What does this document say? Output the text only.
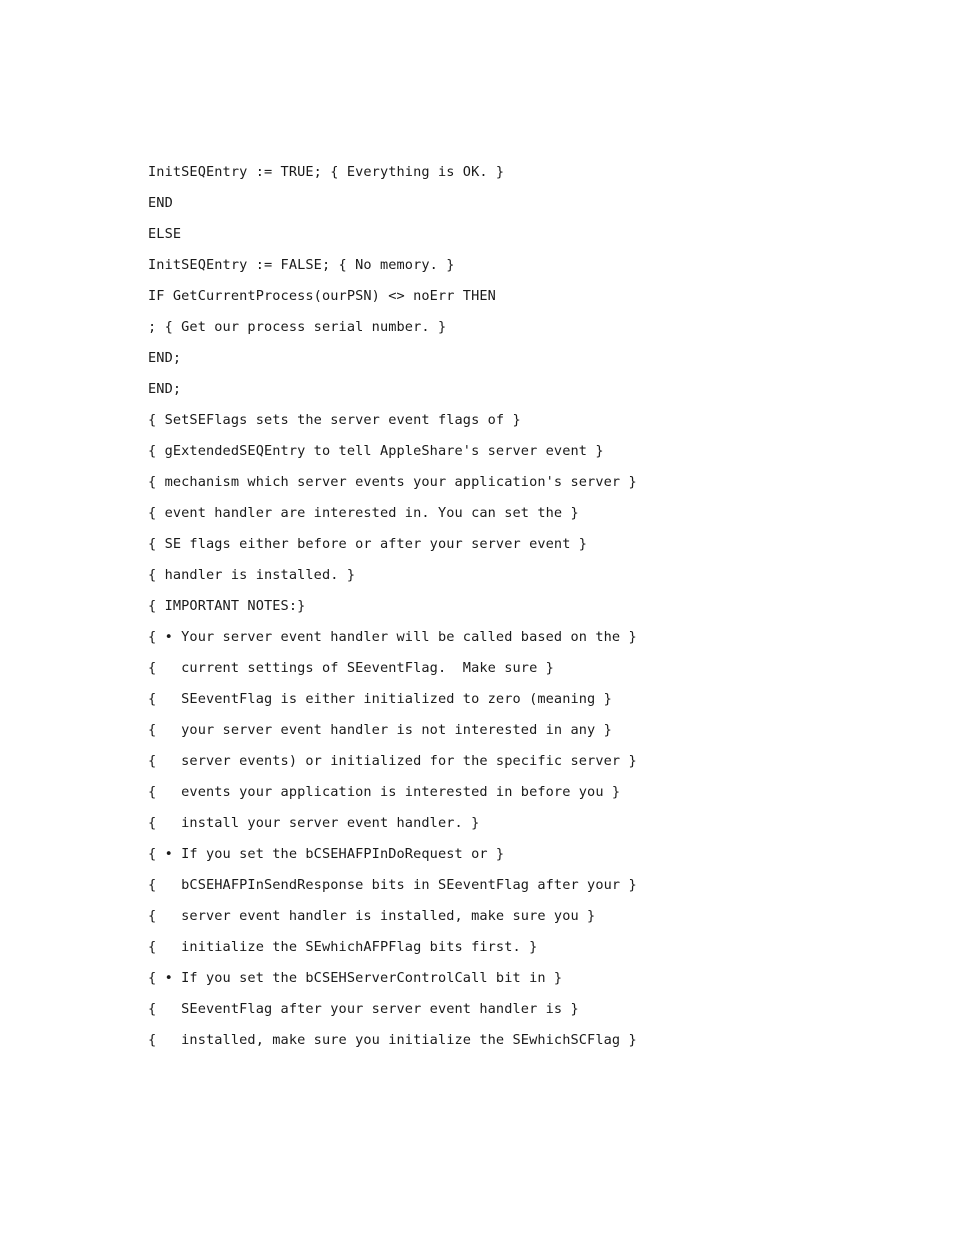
InitSEQEntry := TRUE; { Everything is OK. }
END
ELSE
InitSEQEntry := FALSE; { No memory. }
IF GetCurrentProcess(ourPSN) <> noErr THEN
; { Get our process serial number. }
END;
END;
{ SetSEFlags sets the server event flags of }
{ gExtendedSEQEntry to tell AppleShare's server event }
{ mechanism which server events your application's server }
{ event handler are interested in. You can set the }
{ SE flags either before or after your server event }
{ handler is installed. }
{ IMPORTANT NOTES:}
{ • Your server event handler will be called based on the }
{   current settings of SEeventFlag.  Make sure }
{   SEeventFlag is either initialized to zero (meaning }
{   your server event handler is not interested in any }
{   server events) or initialized for the specific server }
{   events your application is interested in before you }
{   install your server event handler. }
{ • If you set the bCSEHAFPInDoRequest or }
{   bCSEHAFPInSendResponse bits in SEeventFlag after your }
{   server event handler is installed, make sure you }
{   initialize the SEwhichAFPFlag bits first. }
{ • If you set the bCSEHServerControlCall bit in }
{   SEeventFlag after your server event handler is }
{   installed, make sure you initialize the SEwhichSCFlag }
